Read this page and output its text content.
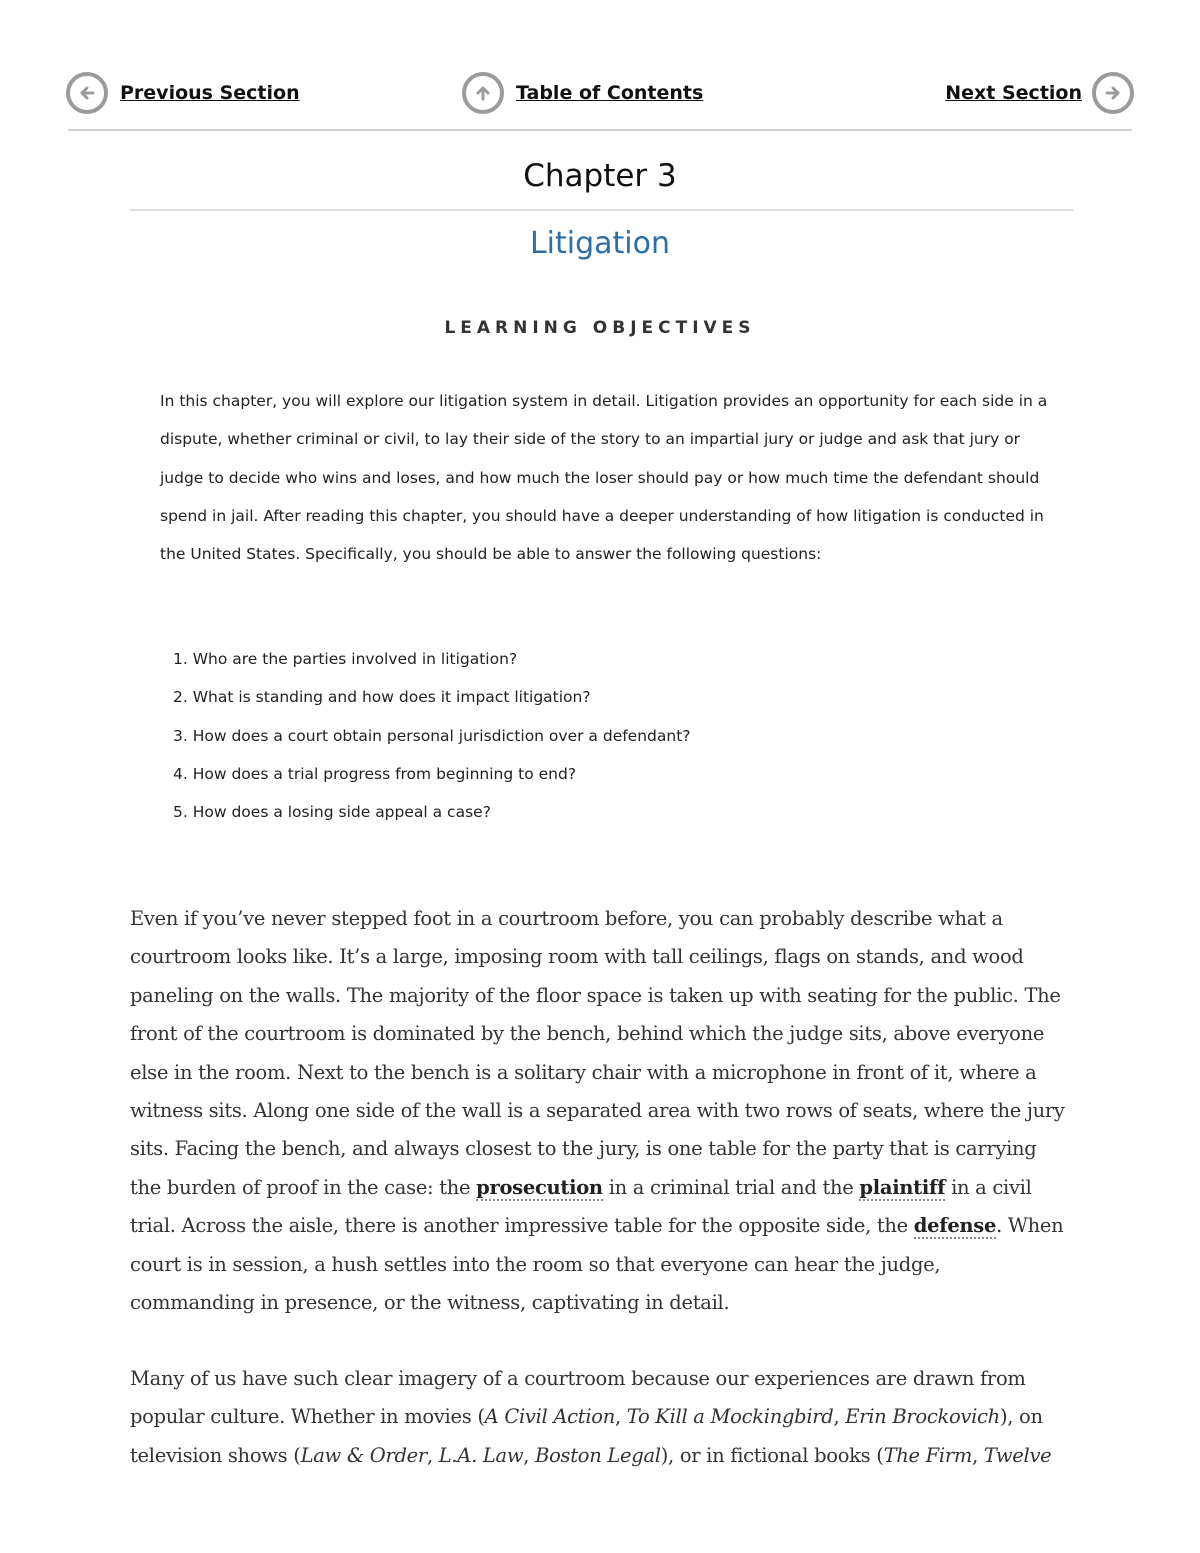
Previous Section	Table of Contents	Next Section
Chapter 3
Litigation
LEARNING OBJECTIVES

In this chapter, you will explore our litigation system in detail. Litigation provides an opportunity for each side in a dispute, whether criminal or civil, to lay their side of the story to an impartial jury or judge and ask that jury or judge to decide who wins and loses, and how much the loser should pay or how much time the defendant should spend in jail. After reading this chapter, you should have a deeper understanding of how litigation is conducted in the United States. Specifically, you should be able to answer the following questions:

1. Who are the parties involved in litigation?
2. What is standing and how does it impact litigation?
3. How does a court obtain personal jurisdiction over a defendant?
4. How does a trial progress from beginning to end?
5. How does a losing side appeal a case?

Even if you’ve never stepped foot in a courtroom before, you can probably describe what a courtroom looks like. It’s a large, imposing room with tall ceilings, flags on stands, and wood paneling on the walls. The majority of the floor space is taken up with seating for the public. The front of the courtroom is dominated by the bench, behind which the judge sits, above everyone else in the room. Next to the bench is a solitary chair with a microphone in front of it, where a witness sits. Along one side of the wall is a separated area with two rows of seats, where the jury sits. Facing the bench, and always closest to the jury, is one table for the party that is carrying the burden of proof in the case: the prosecution in a criminal trial and the plaintiff in a civil trial. Across the aisle, there is another impressive table for the opposite side, the defense. When court is in session, a hush settles into the room so that everyone can hear the judge, commanding in presence, or the witness, captivating in detail.

Many of us have such clear imagery of a courtroom because our experiences are drawn from popular culture. Whether in movies (A Civil Action, To Kill a Mockingbird, Erin Brockovich), on television shows (Law & Order, L.A. Law, Boston Legal), or in fictional books (The Firm, Twelve
